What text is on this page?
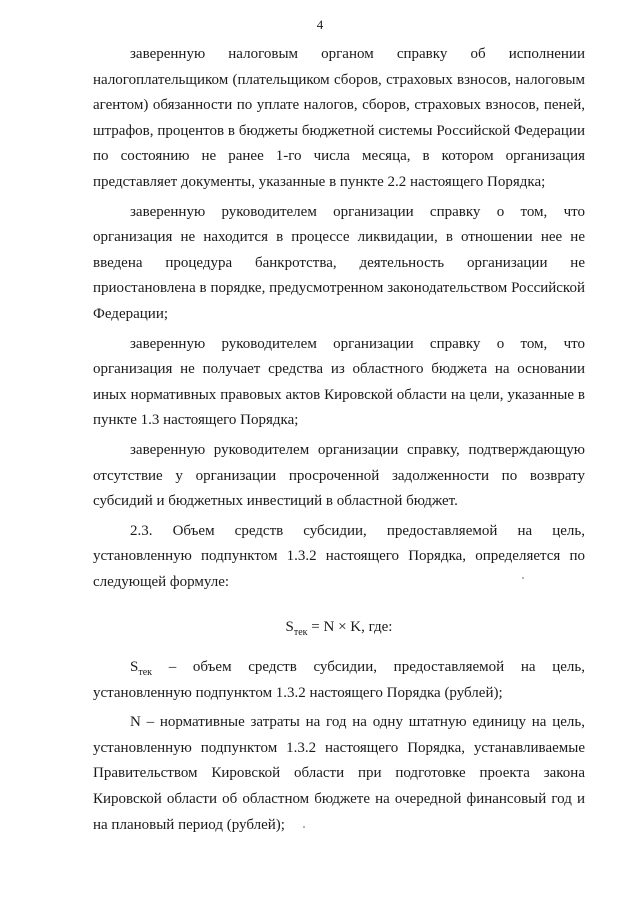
4

заверенную налоговым органом справку об исполнении налогоплательщиком (плательщиком сборов, страховых взносов, налоговым агентом) обязанности по уплате налогов, сборов, страховых взносов, пеней, штрафов, процентов в бюджеты бюджетной системы Российской Федерации по состоянию не ранее 1-го числа месяца, в котором организация представляет документы, указанные в пункте 2.2 настоящего Порядка;

заверенную руководителем организации справку о том, что организация не находится в процессе ликвидации, в отношении нее не введена процедура банкротства, деятельность организации не приостановлена в порядке, предусмотренном законодательством Российской Федерации;

заверенную руководителем организации справку о том, что организация не получает средства из областного бюджета на основании иных нормативных правовых актов Кировской области на цели, указанные в пункте 1.3 настоящего Порядка;

заверенную руководителем организации справку, подтверждающую отсутствие у организации просроченной задолженности по возврату субсидий и бюджетных инвестиций в областной бюджет.

2.3. Объем средств субсидии, предоставляемой на цель, установленную подпунктом 1.3.2 настоящего Порядка, определяется по следующей формуле:

$S_{тек} = N \times K$, где:

$S_{тек}$ – объем средств субсидии, предоставляемой на цель, установленную подпунктом 1.3.2 настоящего Порядка (рублей);

N – нормативные затраты на год на одну штатную единицу на цель, установленную подпунктом 1.3.2 настоящего Порядка, устанавливаемые Правительством Кировской области при подготовке проекта закона Кировской области об областном бюджете на очередной финансовый год и на плановый период (рублей);
